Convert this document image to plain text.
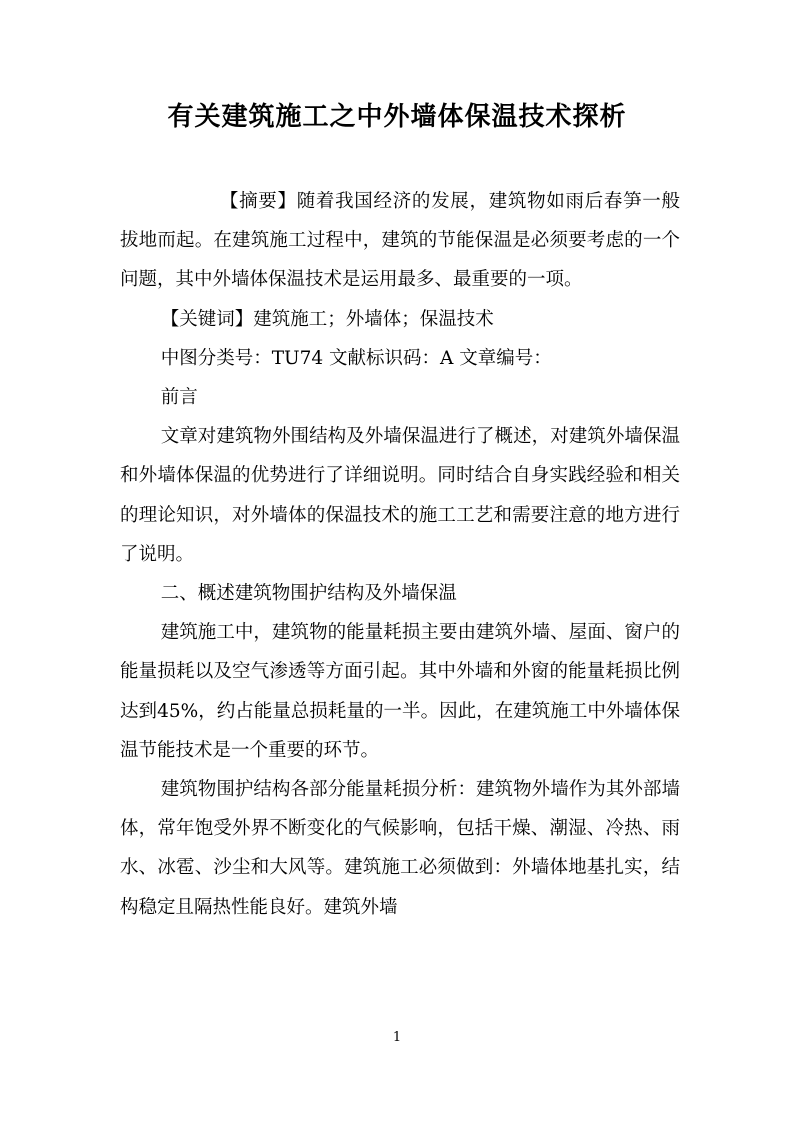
有关建筑施工之中外墙体保温技术探析

【摘要】随着我国经济的发展，建筑物如雨后春笋一般拔地而起。在建筑施工过程中，建筑的节能保温是必须要考虑的一个问题，其中外墙体保温技术是运用最多、最重要的一项。

【关键词】建筑施工；外墙体；保温技术

中图分类号：TU74 文献标识码：A 文章编号：

前言

文章对建筑物外围结构及外墙保温进行了概述，对建筑外墙保温和外墙体保温的优势进行了详细说明。同时结合自身实践经验和相关的理论知识，对外墙体的保温技术的施工工艺和需要注意的地方进行了说明。

二、概述建筑物围护结构及外墙保温

建筑施工中，建筑物的能量耗损主要由建筑外墙、屋面、窗户的能量损耗以及空气渗透等方面引起。其中外墙和外窗的能量耗损比例达到45%，约占能量总损耗量的一半。因此，在建筑施工中外墙体保温节能技术是一个重要的环节。

建筑物围护结构各部分能量耗损分析：建筑物外墙作为其外部墙体，常年饱受外界不断变化的气候影响，包括干燥、潮湿、冷热、雨水、冰雹、沙尘和大风等。建筑施工必须做到：外墙体地基扎实，结构稳定且隔热性能良好。建筑外墙

1
